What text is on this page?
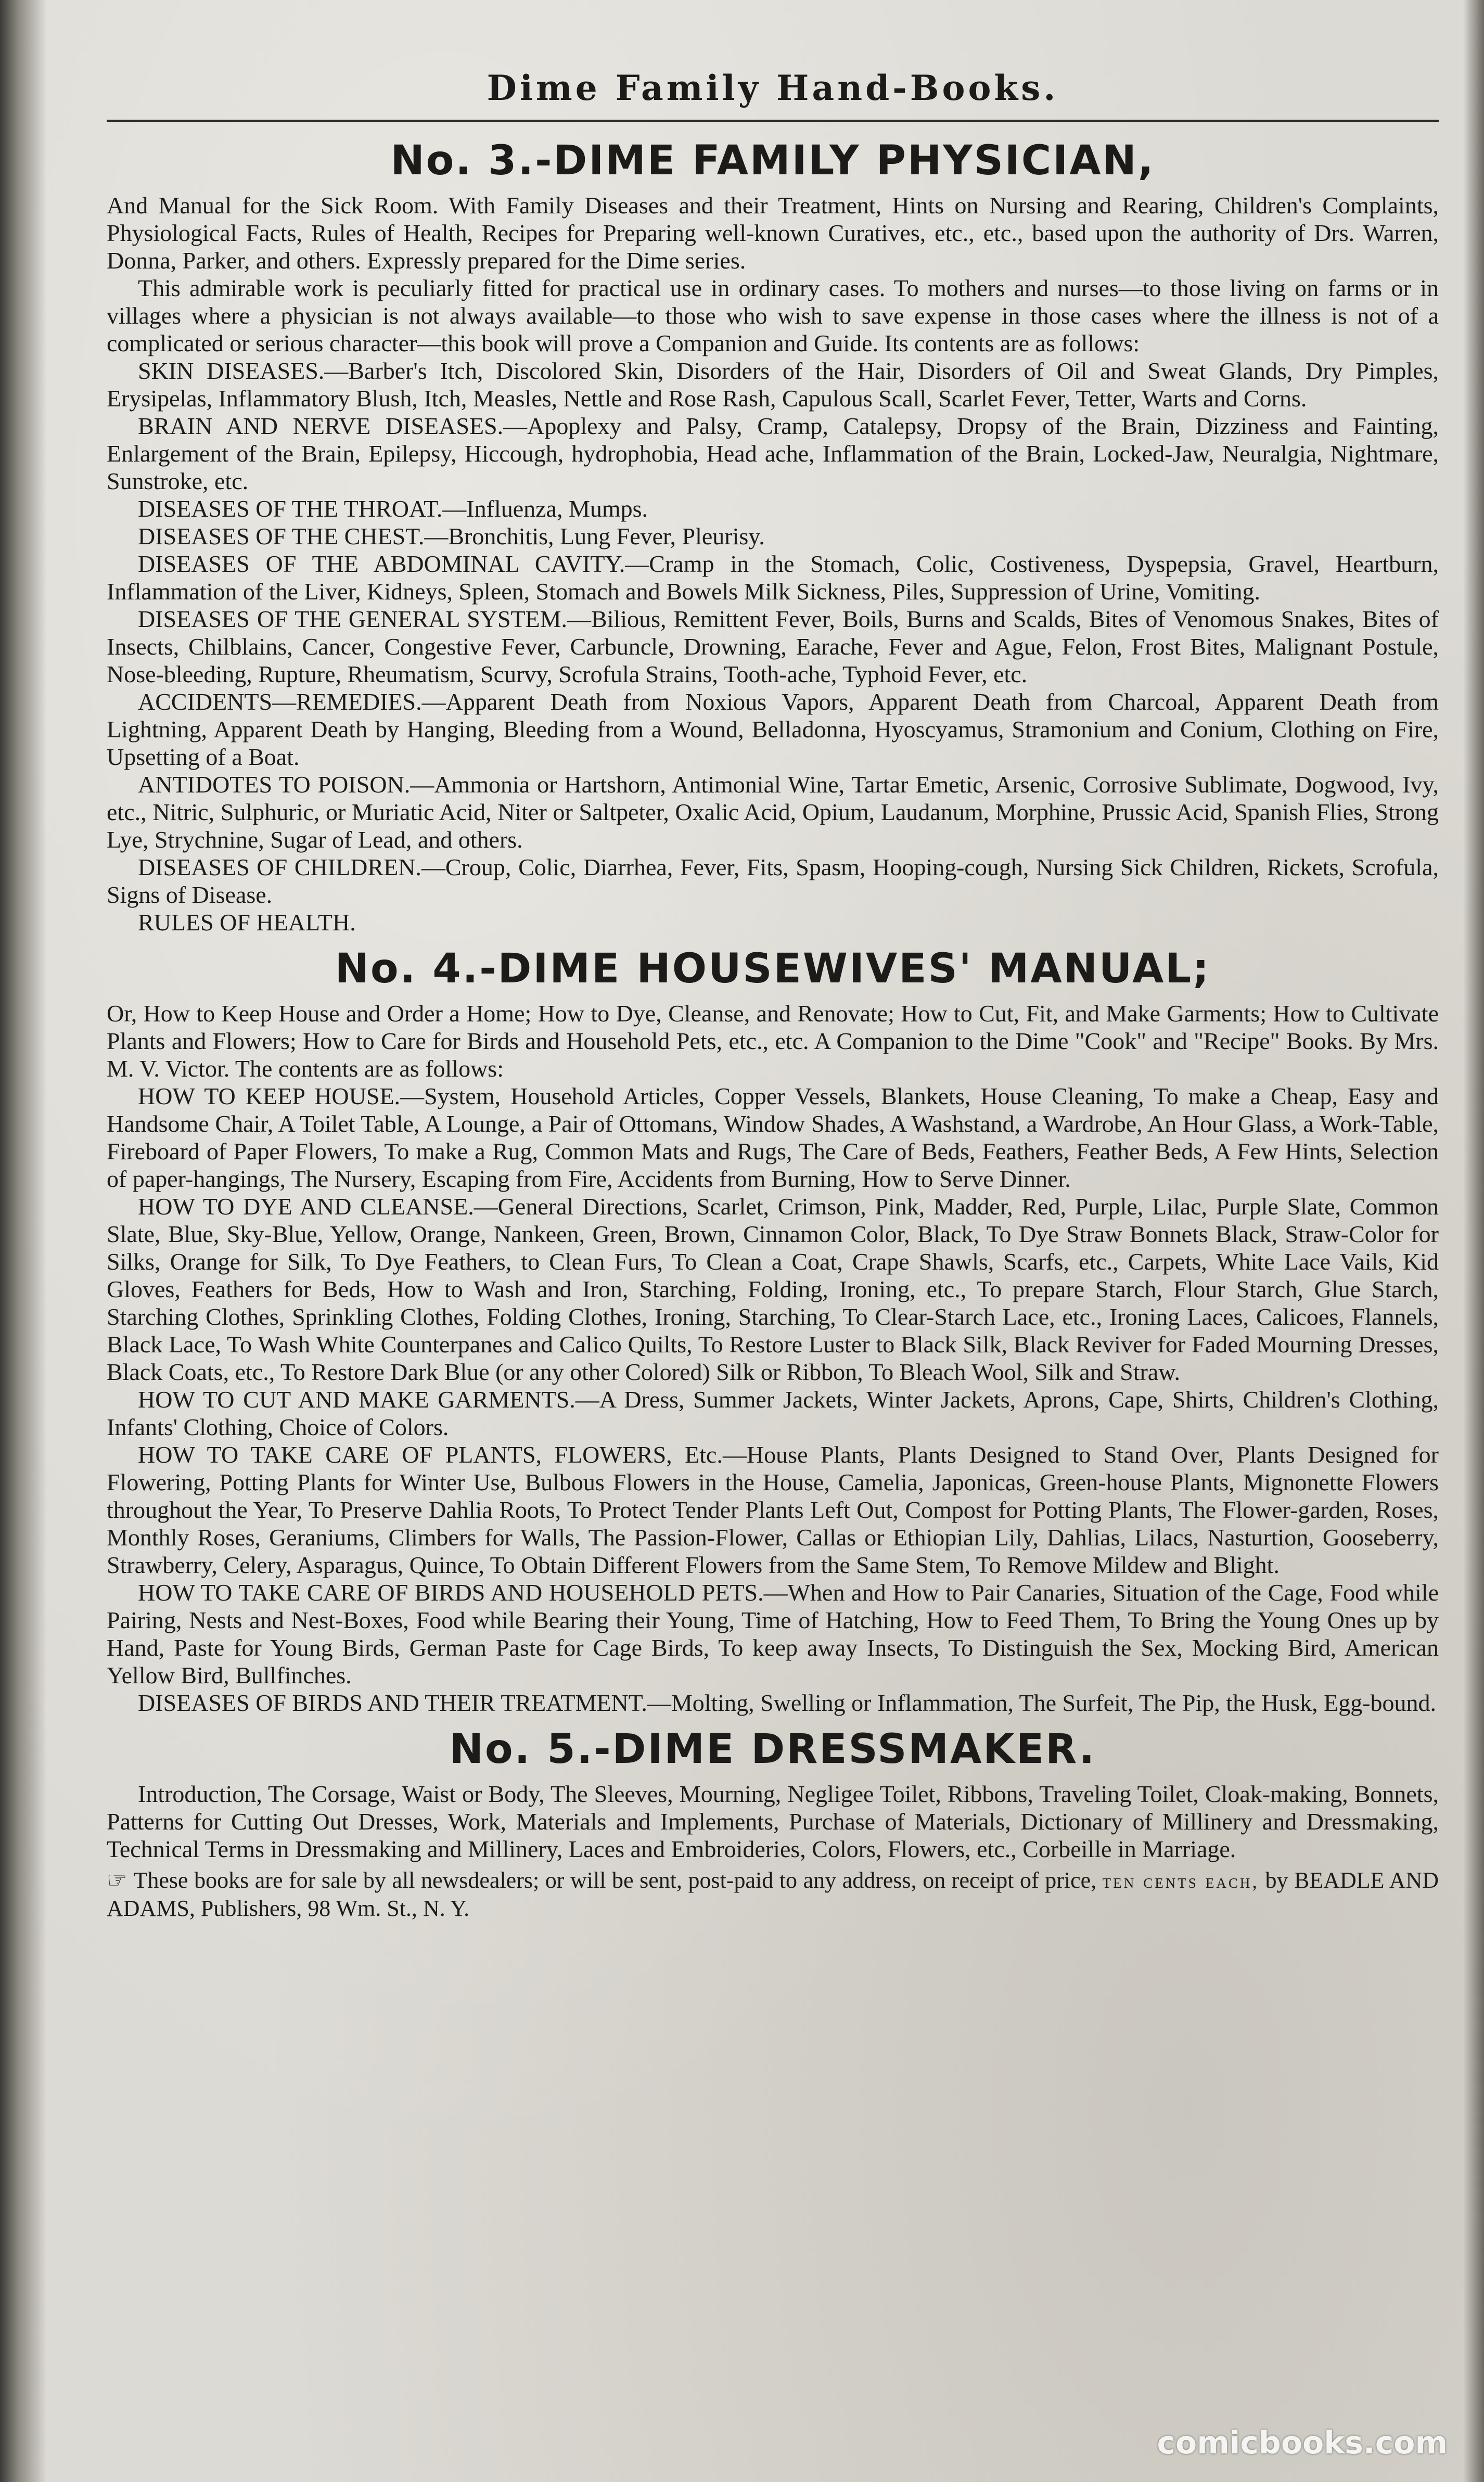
Dime Family Hand-Books.
No. 3.-DIME FAMILY PHYSICIAN,

And Manual for the Sick Room. With Family Diseases and their Treatment, Hints on Nursing and Rearing, Children's Complaints, Physiological Facts, Rules of Health, Recipes for Preparing well-known Curatives, etc., etc., based upon the authority of Drs. Warren, Donna, Parker, and others. Expressly prepared for the Dime series.

This admirable work is peculiarly fitted for practical use in ordinary cases. To mothers and nurses—to those living on farms or in villages where a physician is not always available—to those who wish to save expense in those cases where the illness is not of a complicated or serious character—this book will prove a Companion and Guide. Its contents are as follows:

SKIN DISEASES.—Barber's Itch, Discolored Skin, Disorders of the Hair, Disorders of Oil and Sweat Glands, Dry Pimples, Erysipelas, Inflammatory Blush, Itch, Measles, Nettle and Rose Rash, Capulous Scall, Scarlet Fever, Tetter, Warts and Corns.

BRAIN AND NERVE DISEASES.—Apoplexy and Palsy, Cramp, Catalepsy, Dropsy of the Brain, Dizziness and Fainting, Enlargement of the Brain, Epilepsy, Hiccough, hydrophobia, Head ache, Inflammation of the Brain, Locked-Jaw, Neuralgia, Nightmare, Sunstroke, etc.

DISEASES OF THE THROAT.—Influenza, Mumps.

DISEASES OF THE CHEST.—Bronchitis, Lung Fever, Pleurisy.

DISEASES OF THE ABDOMINAL CAVITY.—Cramp in the Stomach, Colic, Costiveness, Dyspepsia, Gravel, Heartburn, Inflammation of the Liver, Kidneys, Spleen, Stomach and Bowels Milk Sickness, Piles, Suppression of Urine, Vomiting.

DISEASES OF THE GENERAL SYSTEM.—Bilious, Remittent Fever, Boils, Burns and Scalds, Bites of Venomous Snakes, Bites of Insects, Chilblains, Cancer, Congestive Fever, Carbuncle, Drowning, Earache, Fever and Ague, Felon, Frost Bites, Malignant Postule, Nose-bleeding, Rupture, Rheumatism, Scurvy, Scrofula Strains, Tooth-ache, Typhoid Fever, etc.

ACCIDENTS—REMEDIES.—Apparent Death from Noxious Vapors, Apparent Death from Charcoal, Apparent Death from Lightning, Apparent Death by Hanging, Bleeding from a Wound, Belladonna, Hyoscyamus, Stramonium and Conium, Clothing on Fire, Upsetting of a Boat.

ANTIDOTES TO POISON.—Ammonia or Hartshorn, Antimonial Wine, Tartar Emetic, Arsenic, Corrosive Sublimate, Dogwood, Ivy, etc., Nitric, Sulphuric, or Muriatic Acid, Niter or Saltpeter, Oxalic Acid, Opium, Laudanum, Morphine, Prussic Acid, Spanish Flies, Strong Lye, Strychnine, Sugar of Lead, and others.

DISEASES OF CHILDREN.—Croup, Colic, Diarrhea, Fever, Fits, Spasm, Hooping-cough, Nursing Sick Children, Rickets, Scrofula, Signs of Disease.

RULES OF HEALTH.

No. 4.-DIME HOUSEWIVES' MANUAL;

Or, How to Keep House and Order a Home; How to Dye, Cleanse, and Renovate; How to Cut, Fit, and Make Garments; How to Cultivate Plants and Flowers; How to Care for Birds and Household Pets, etc., etc. A Companion to the Dime "Cook" and "Recipe" Books. By Mrs. M. V. Victor. The contents are as follows:

HOW TO KEEP HOUSE.—System, Household Articles, Copper Vessels, Blankets, House Cleaning, To make a Cheap, Easy and Handsome Chair, A Toilet Table, A Lounge, a Pair of Ottomans, Window Shades, A Washstand, a Wardrobe, An Hour Glass, a Work-Table, Fireboard of Paper Flowers, To make a Rug, Common Mats and Rugs, The Care of Beds, Feathers, Feather Beds, A Few Hints, Selection of paper-hangings, The Nursery, Escaping from Fire, Accidents from Burning, How to Serve Dinner.

HOW TO DYE AND CLEANSE.—General Directions, Scarlet, Crimson, Pink, Madder, Red, Purple, Lilac, Purple Slate, Common Slate, Blue, Sky-Blue, Yellow, Orange, Nankeen, Green, Brown, Cinnamon Color, Black, To Dye Straw Bonnets Black, Straw-Color for Silks, Orange for Silk, To Dye Feathers, to Clean Furs, To Clean a Coat, Crape Shawls, Scarfs, etc., Carpets, White Lace Vails, Kid Gloves, Feathers for Beds, How to Wash and Iron, Starching, Folding, Ironing, etc., To prepare Starch, Flour Starch, Glue Starch, Starching Clothes, Sprinkling Clothes, Folding Clothes, Ironing, Starching, To Clear-Starch Lace, etc., Ironing Laces, Calicoes, Flannels, Black Lace, To Wash White Counterpanes and Calico Quilts, To Restore Luster to Black Silk, Black Reviver for Faded Mourning Dresses, Black Coats, etc., To Restore Dark Blue (or any other Colored) Silk or Ribbon, To Bleach Wool, Silk and Straw.

HOW TO CUT AND MAKE GARMENTS.—A Dress, Summer Jackets, Winter Jackets, Aprons, Cape, Shirts, Children's Clothing, Infants' Clothing, Choice of Colors.

HOW TO TAKE CARE OF PLANTS, FLOWERS, Etc.—House Plants, Plants Designed to Stand Over, Plants Designed for Flowering, Potting Plants for Winter Use, Bulbous Flowers in the House, Camelia, Japonicas, Green-house Plants, Mignonette Flowers throughout the Year, To Preserve Dahlia Roots, To Protect Tender Plants Left Out, Compost for Potting Plants, The Flower-garden, Roses, Monthly Roses, Geraniums, Climbers for Walls, The Passion-Flower, Callas or Ethiopian Lily, Dahlias, Lilacs, Nasturtion, Gooseberry, Strawberry, Celery, Asparagus, Quince, To Obtain Different Flowers from the Same Stem, To Remove Mildew and Blight.

HOW TO TAKE CARE OF BIRDS AND HOUSEHOLD PETS.—When and How to Pair Canaries, Situation of the Cage, Food while Pairing, Nests and Nest-Boxes, Food while Bearing their Young, Time of Hatching, How to Feed Them, To Bring the Young Ones up by Hand, Paste for Young Birds, German Paste for Cage Birds, To keep away Insects, To Distinguish the Sex, Mocking Bird, American Yellow Bird, Bullfinches.

DISEASES OF BIRDS AND THEIR TREATMENT.—Molting, Swelling or Inflammation, The Surfeit, The Pip, the Husk, Egg-bound.

No. 5.-DIME DRESSMAKER.

Introduction, The Corsage, Waist or Body, The Sleeves, Mourning, Negligee Toilet, Ribbons, Traveling Toilet, Cloak-making, Bonnets, Patterns for Cutting Out Dresses, Work, Materials and Implements, Purchase of Materials, Dictionary of Millinery and Dressmaking, Technical Terms in Dressmaking and Millinery, Laces and Embroideries, Colors, Flowers, etc., Corbeille in Marriage.

☞ These books are for sale by all newsdealers; or will be sent, post-paid to any address, on receipt of price, ten cents each, by BEADLE AND ADAMS, Publishers, 98 Wm. St., N. Y.

comicbooks.com
